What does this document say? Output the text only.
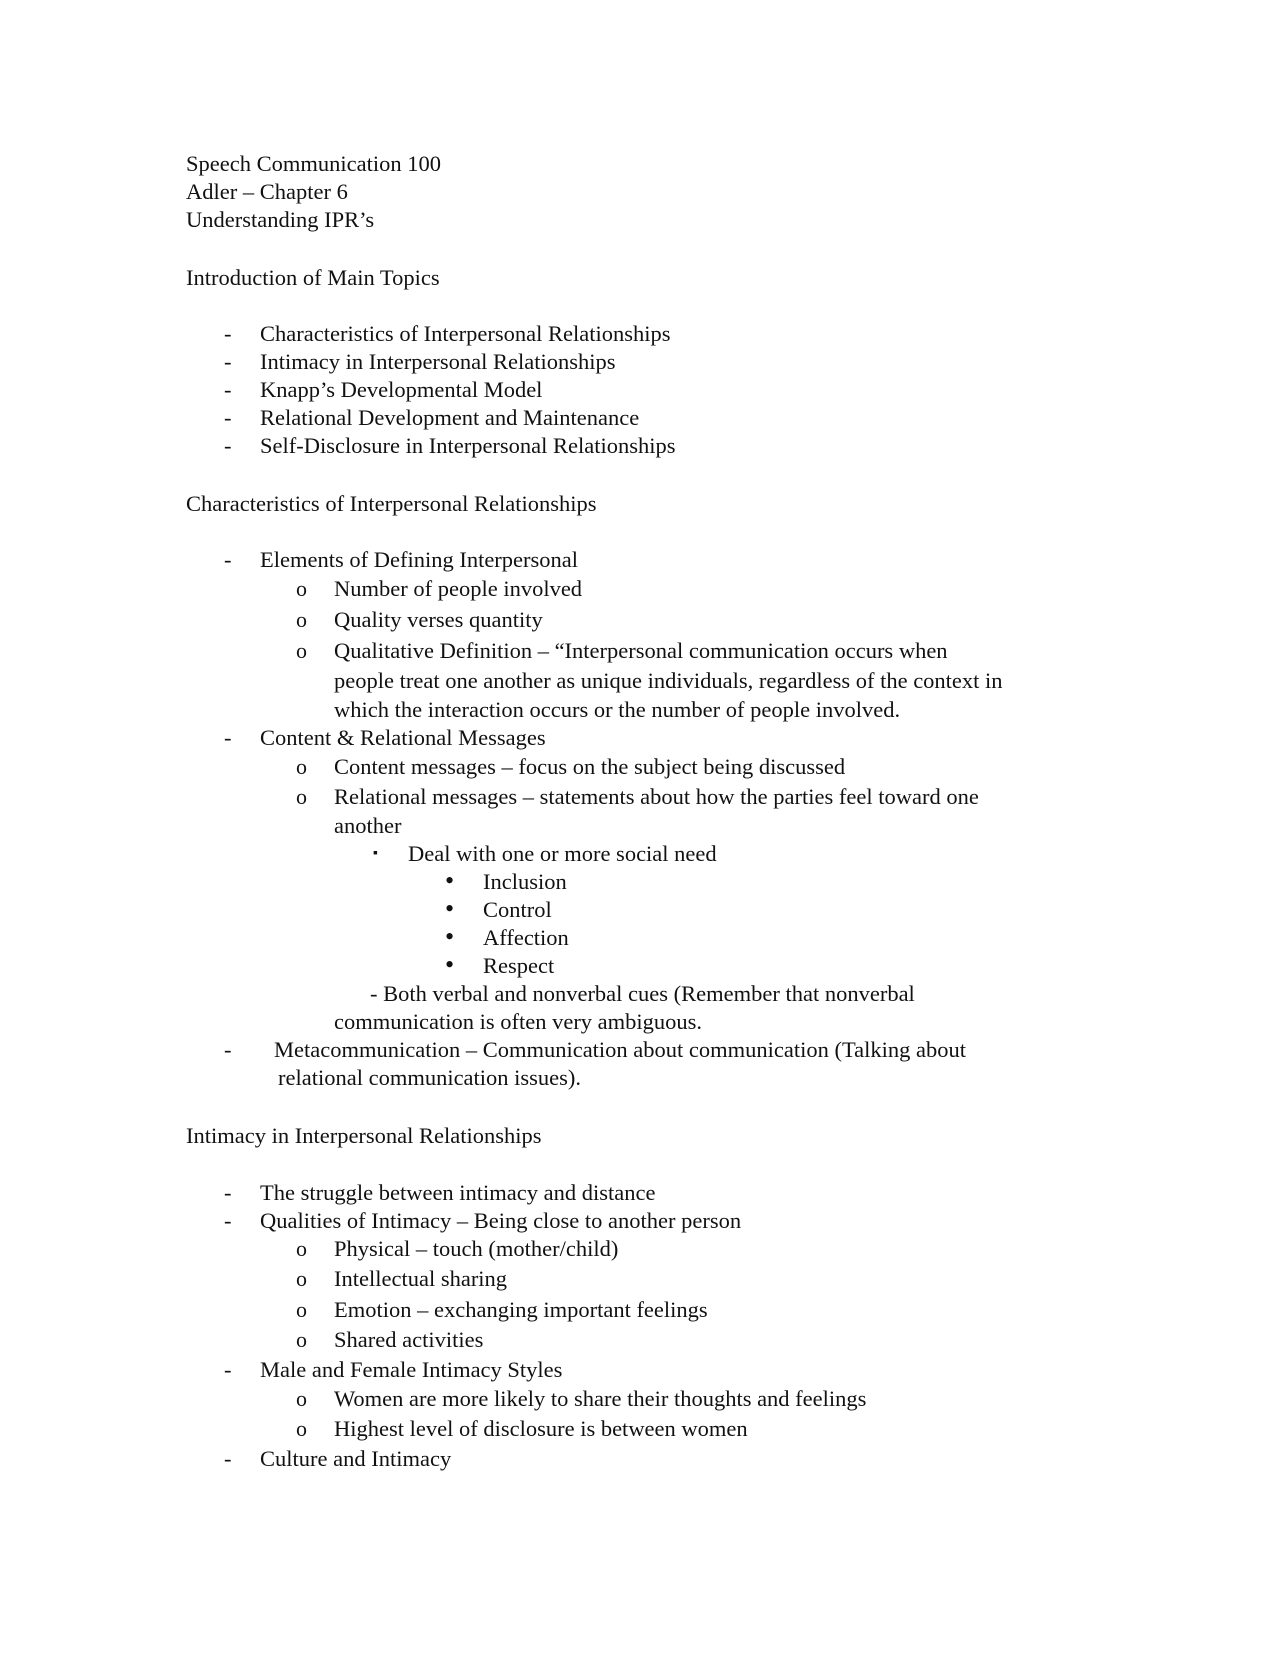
Speech Communication 100
Adler – Chapter 6
Understanding IPR’s
Introduction of Main Topics
- Characteristics of Interpersonal Relationships
- Intimacy in Interpersonal Relationships
- Knapp’s Developmental Model
- Relational Development and Maintenance
- Self-Disclosure in Interpersonal Relationships
Characteristics of Interpersonal Relationships
- Elements of Defining Interpersonal
o Number of people involved
o Quality verses quantity
o Qualitative Definition – “Interpersonal communication occurs when
people treat one another as unique individuals, regardless of the context in
which the interaction occurs or the number of people involved.
- Content & Relational Messages
o Content messages – focus on the subject being discussed
o Relational messages – statements about how the parties feel toward one
another
▪ Deal with one or more social need
• Inclusion
• Control
• Affection
• Respect
- Both verbal and nonverbal cues (Remember that nonverbal
communication is often very ambiguous.
- Metacommunication – Communication about communication (Talking about
relational communication issues).
Intimacy in Interpersonal Relationships
- The struggle between intimacy and distance
- Qualities of Intimacy – Being close to another person
o Physical – touch (mother/child)
o Intellectual sharing
o Emotion – exchanging important feelings
o Shared activities
- Male and Female Intimacy Styles
o Women are more likely to share their thoughts and feelings
o Highest level of disclosure is between women
- Culture and Intimacy
